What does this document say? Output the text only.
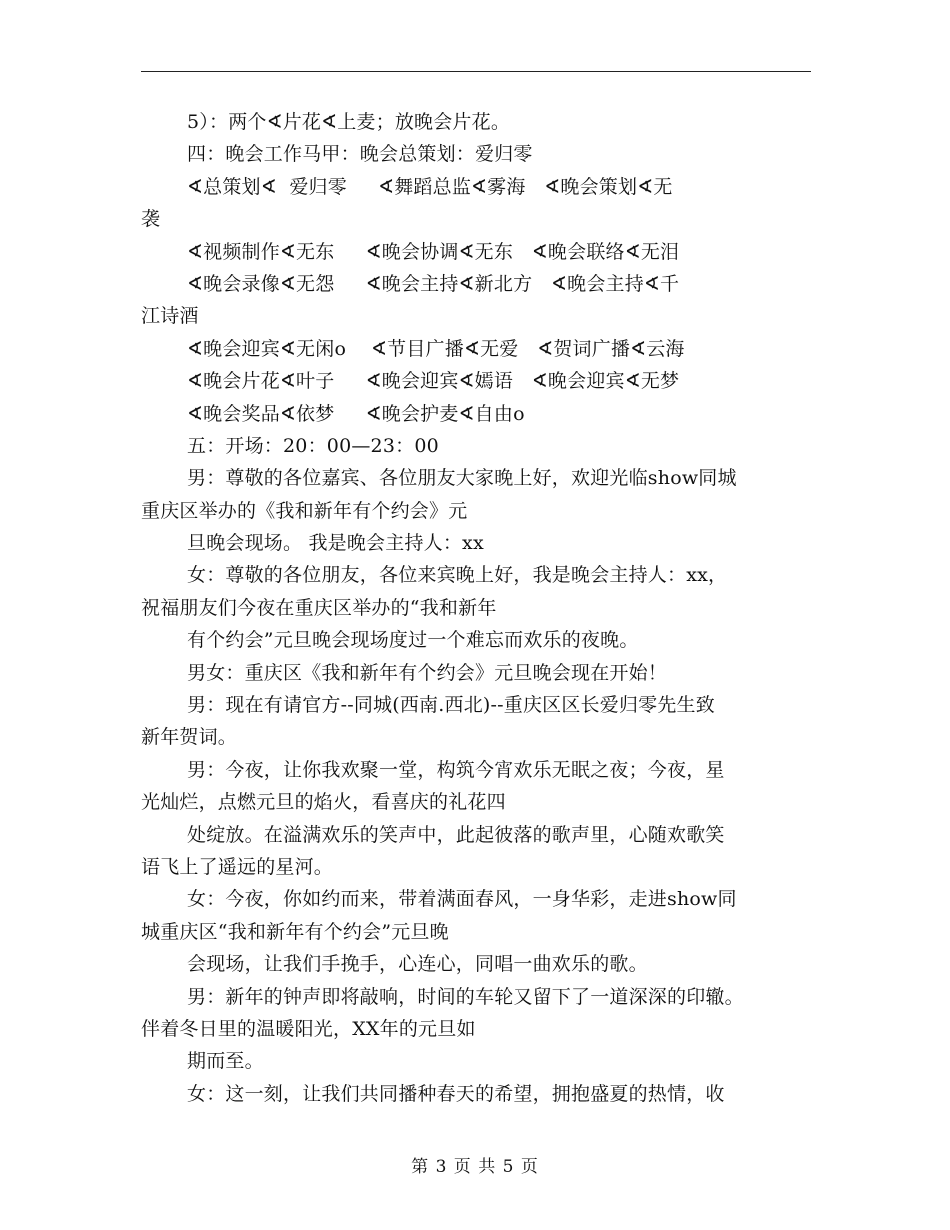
5）：两个∢片花∢上麦；放晚会片花。
四：晚会工作马甲：晚会总策划：爱归零
∢总策划∢  爱归零     ∢舞蹈总监∢雾海   ∢晚会策划∢无
袭
∢视频制作∢无东     ∢晚会协调∢无东   ∢晚会联络∢无泪
∢晚会录像∢无怨     ∢晚会主持∢新北方   ∢晚会主持∢千
江诗酒
∢晚会迎宾∢无闲o    ∢节目广播∢无爱   ∢贺词广播∢云海
∢晚会片花∢叶子     ∢晚会迎宾∢嫣语   ∢晚会迎宾∢无梦
∢晚会奖品∢依梦     ∢晚会护麦∢自由o
五：开场：20：00—23：00
男：尊敬的各位嘉宾、各位朋友大家晚上好，欢迎光临show同城
重庆区举办的《我和新年有个约会》元
旦晚会现场。 我是晚会主持人：xx
女：尊敬的各位朋友，各位来宾晚上好，我是晚会主持人：xx，
祝福朋友们今夜在重庆区举办的“我和新年
有个约会”元旦晚会现场度过一个难忘而欢乐的夜晚。
男女：重庆区《我和新年有个约会》元旦晚会现在开始！
男：现在有请官方--同城(西南.西北)--重庆区区长爱归零先生致
新年贺词。
男：今夜，让你我欢聚一堂，构筑今宵欢乐无眠之夜；今夜，星
光灿烂，点燃元旦的焰火，看喜庆的礼花四
处绽放。在溢满欢乐的笑声中，此起彼落的歌声里，心随欢歌笑
语飞上了遥远的星河。
女：今夜，你如约而来，带着满面春风，一身华彩，走进show同
城重庆区“我和新年有个约会”元旦晚
会现场，让我们手挽手，心连心，同唱一曲欢乐的歌。
男：新年的钟声即将敲响，时间的车轮又留下了一道深深的印辙。
伴着冬日里的温暖阳光，XX年的元旦如
期而至。
女：这一刻，让我们共同播种春天的希望，拥抱盛夏的热情，收
第 3 页 共 5 页
